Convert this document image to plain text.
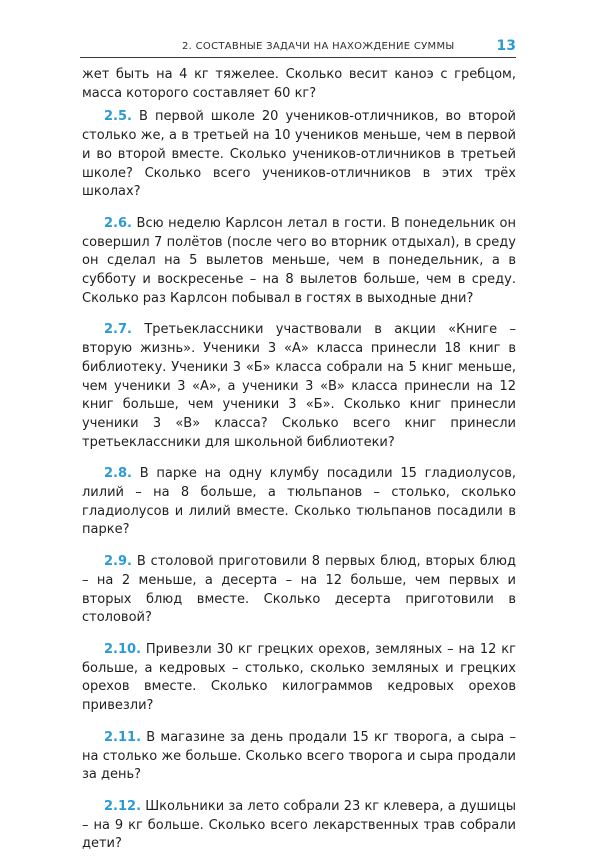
2. СОСТАВНЫЕ ЗАДАЧИ НА НАХОЖДЕНИЕ СУММЫ	13

жет быть на 4 кг тяжелее. Сколько весит каноэ с гребцом, масса которого составляет 60 кг?

2.5. В первой школе 20 учеников-отличников, во второй столько же, а в третьей на 10 учеников меньше, чем в первой и во второй вместе. Сколько учеников-отличников в третьей школе? Сколько всего учеников-отличников в этих трёх школах?

2.6. Всю неделю Карлсон летал в гости. В понедельник он совершил 7 полётов (после чего во вторник отдыхал), в среду он сделал на 5 вылетов меньше, чем в понедельник, а в субботу и воскресенье – на 8 вылетов больше, чем в среду. Сколько раз Карлсон побывал в гостях в выходные дни?

2.7. Третьеклассники участвовали в акции «Книге – вторую жизнь». Ученики 3 «А» класса принесли 18 книг в библиотеку. Ученики 3 «Б» класса собрали на 5 книг меньше, чем ученики 3 «А», а ученики 3 «В» класса принесли на 12 книг больше, чем ученики 3 «Б». Сколько книг принесли ученики 3 «В» класса? Сколько всего книг принесли третьеклассники для школьной библиотеки?

2.8. В парке на одну клумбу посадили 15 гладиолусов, лилий – на 8 больше, а тюльпанов – столько, сколько гладиолусов и лилий вместе. Сколько тюльпанов посадили в парке?

2.9. В столовой приготовили 8 первых блюд, вторых блюд – на 2 меньше, а десерта – на 12 больше, чем первых и вторых блюд вместе. Сколько десерта приготовили в столовой?

2.10. Привезли 30 кг грецких орехов, земляных – на 12 кг больше, а кедровых – столько, сколько земляных и грецких орехов вместе. Сколько килограммов кедровых орехов привезли?

2.11. В магазине за день продали 15 кг творога, а сыра – на столько же больше. Сколько всего творога и сыра продали за день?

2.12. Школьники за лето собрали 23 кг клевера, а душицы – на 9 кг больше. Сколько всего лекарственных трав собрали дети?
